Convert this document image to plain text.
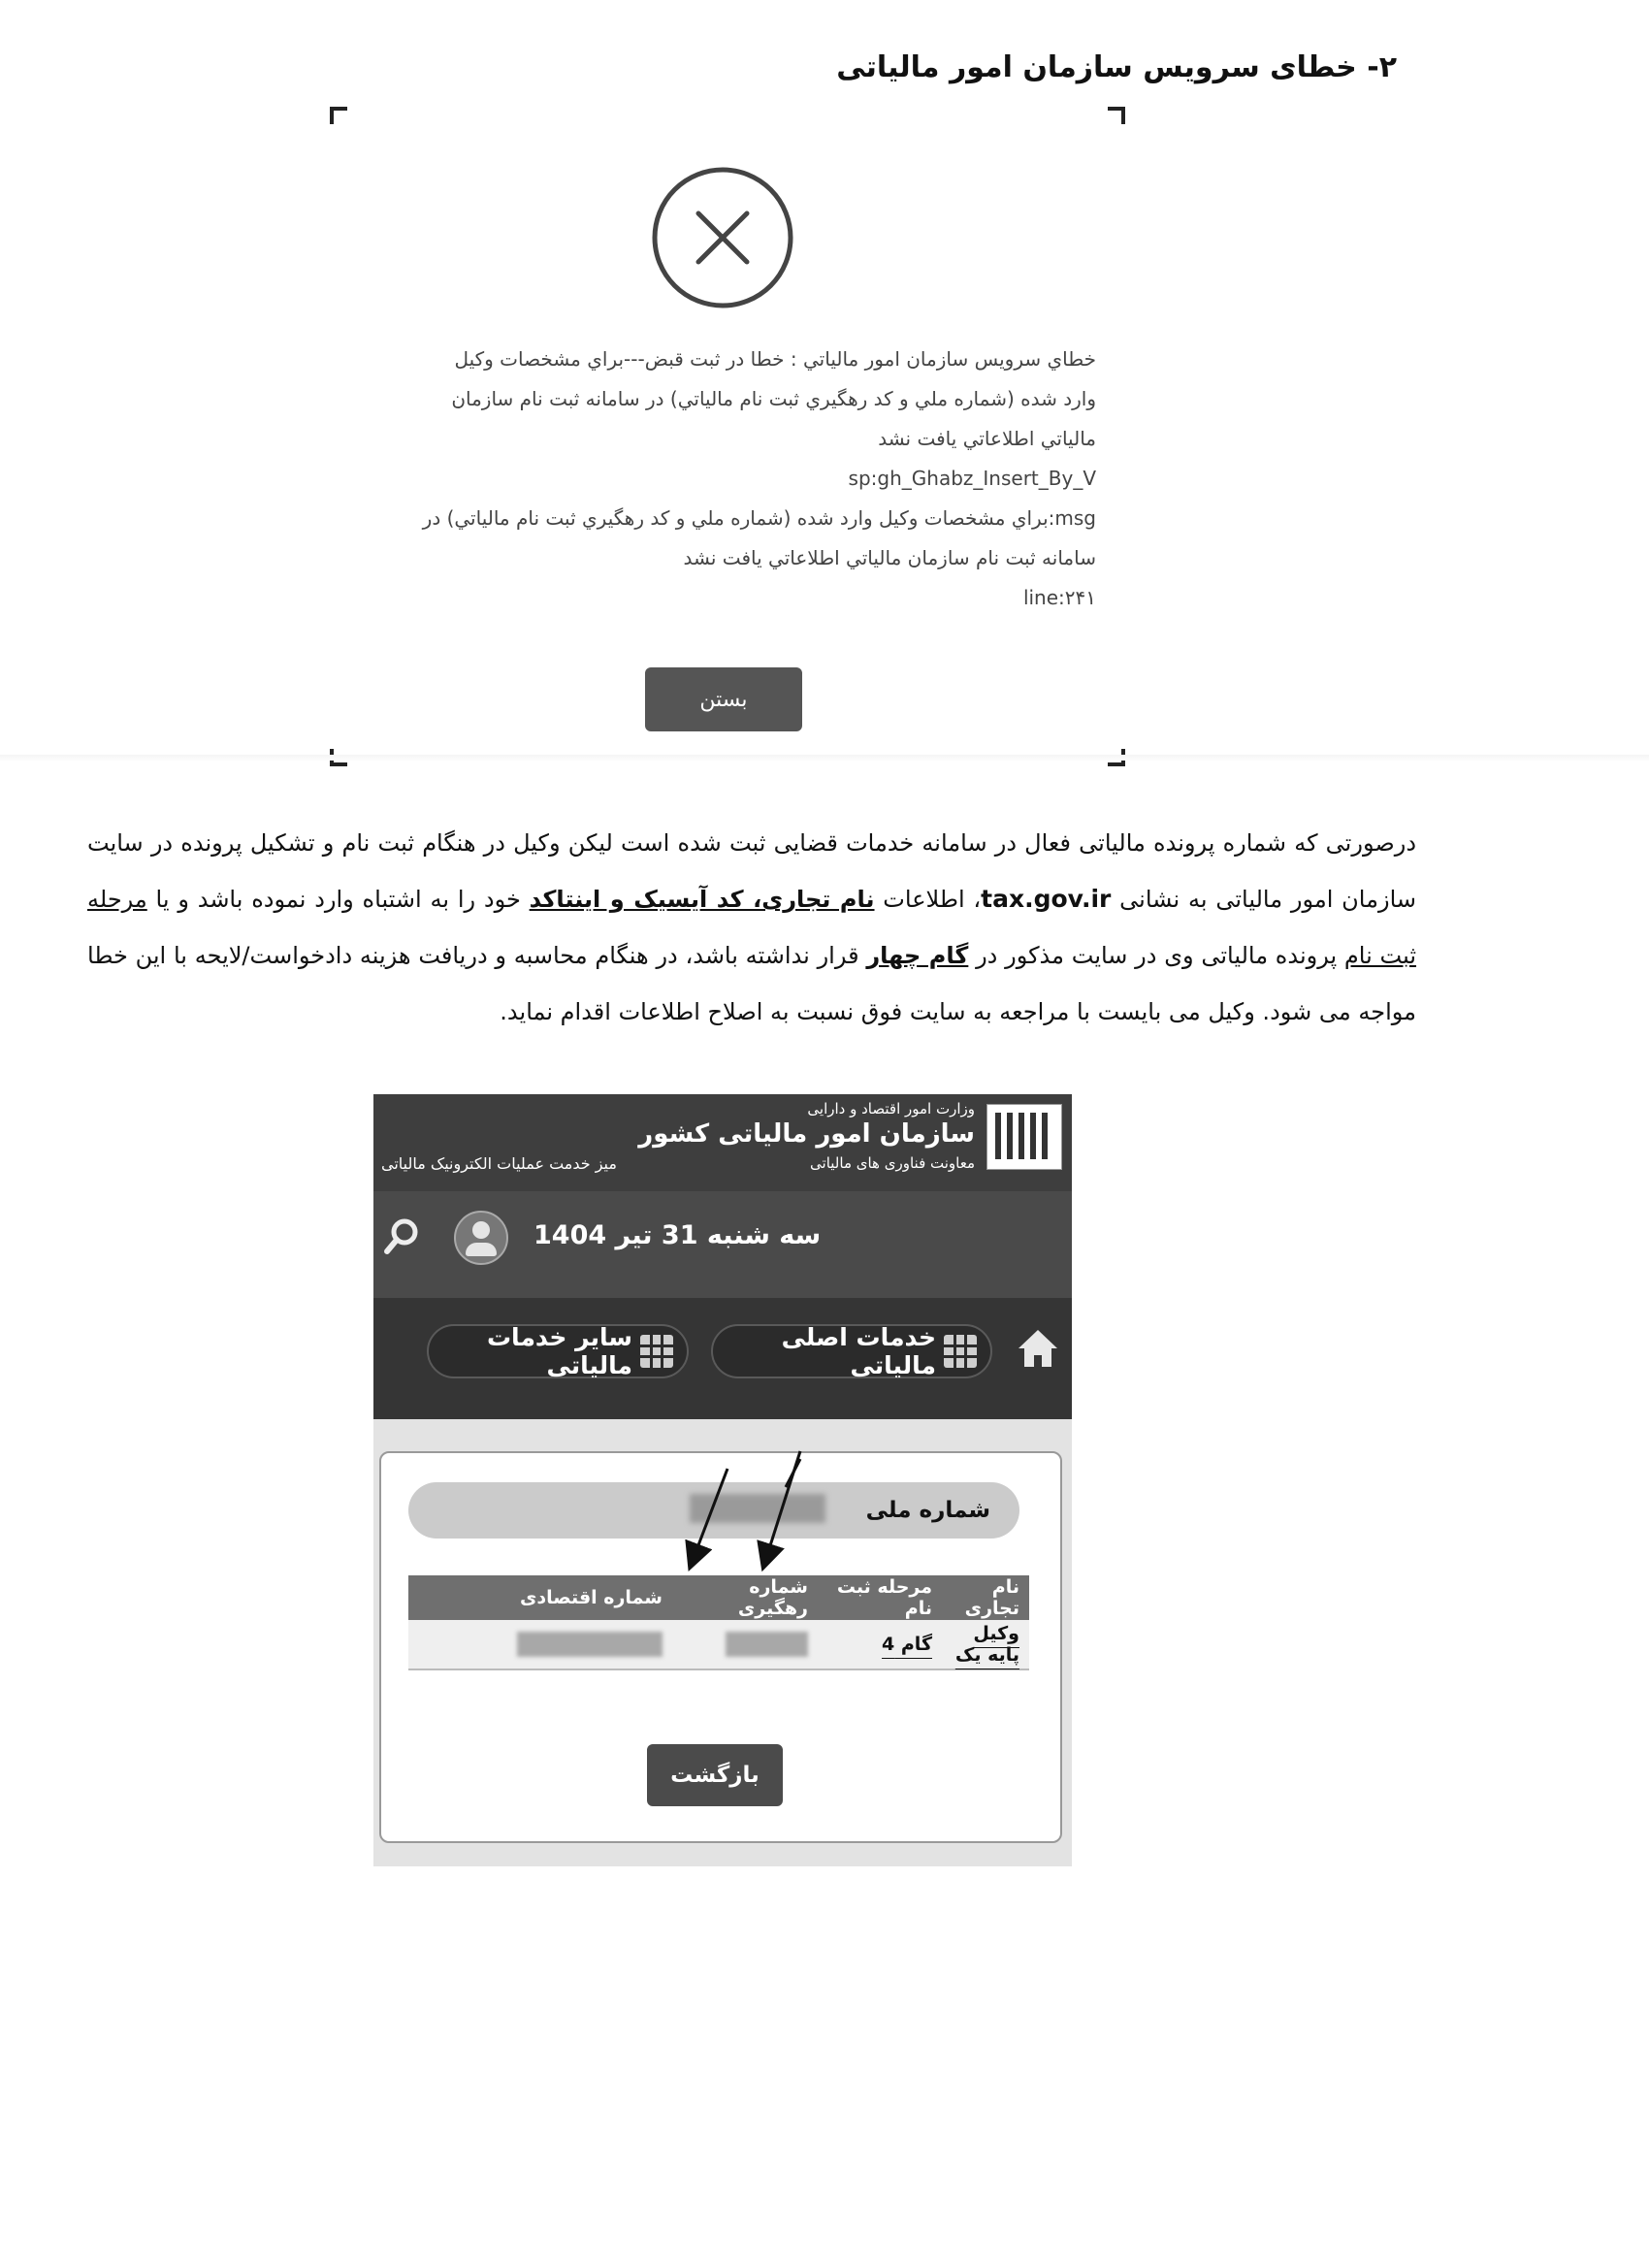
۲- خطای سرویس سازمان امور مالیاتی
خطاي سرويس سازمان امور مالياتي : خطا در ثبت قبض---براي مشخصات وكيل
وارد شده (شماره ملي و كد رهگيري ثبت نام مالياتي) در سامانه ثبت نام سازمان
مالياتي اطلاعاتي يافت نشد
sp:gh_Ghabz_Insert_By_V
msg:براي مشخصات وكيل وارد شده (شماره ملي و كد رهگيري ثبت نام مالياتي) در
سامانه ثبت نام سازمان مالياتي اطلاعاتي يافت نشد
line:۲۴۱
بستن
درصورتی که شماره پرونده مالیاتی فعال در سامانه خدمات قضایی ثبت شده است لیکن وکیل در هنگام ثبت نام و تشکیل پرونده در سایت سازمان امور مالیاتی به نشانی tax.gov.ir، اطلاعات نام تجاری، کد آیسیک و اینتاکد خود را به اشتباه وارد نموده باشد و یا مرحله ثبت نام پرونده مالیاتی وی در سایت مذکور در گام چهار قرار نداشته باشد، در هنگام محاسبه و دریافت هزینه دادخواست/لایحه با این خطا مواجه می شود. وکیل می بایست با مراجعه به سایت فوق نسبت به اصلاح اطلاعات اقدام نماید.
وزارت امور اقتصاد و دارایی
سازمان امور مالیاتی کشور
معاونت فناوری های مالیاتی
میز خدمت عملیات الکترونیک مالیاتی
سه شنبه 31 تیر 1404
خدمات اصلی مالیاتی
سایر خدمات مالیاتی
شماره ملی
نام تجاری
مرحله ثبت نام
شماره رهگیری
شماره اقتصادی
وکیل پایه یک
گام 4
بازگشت
